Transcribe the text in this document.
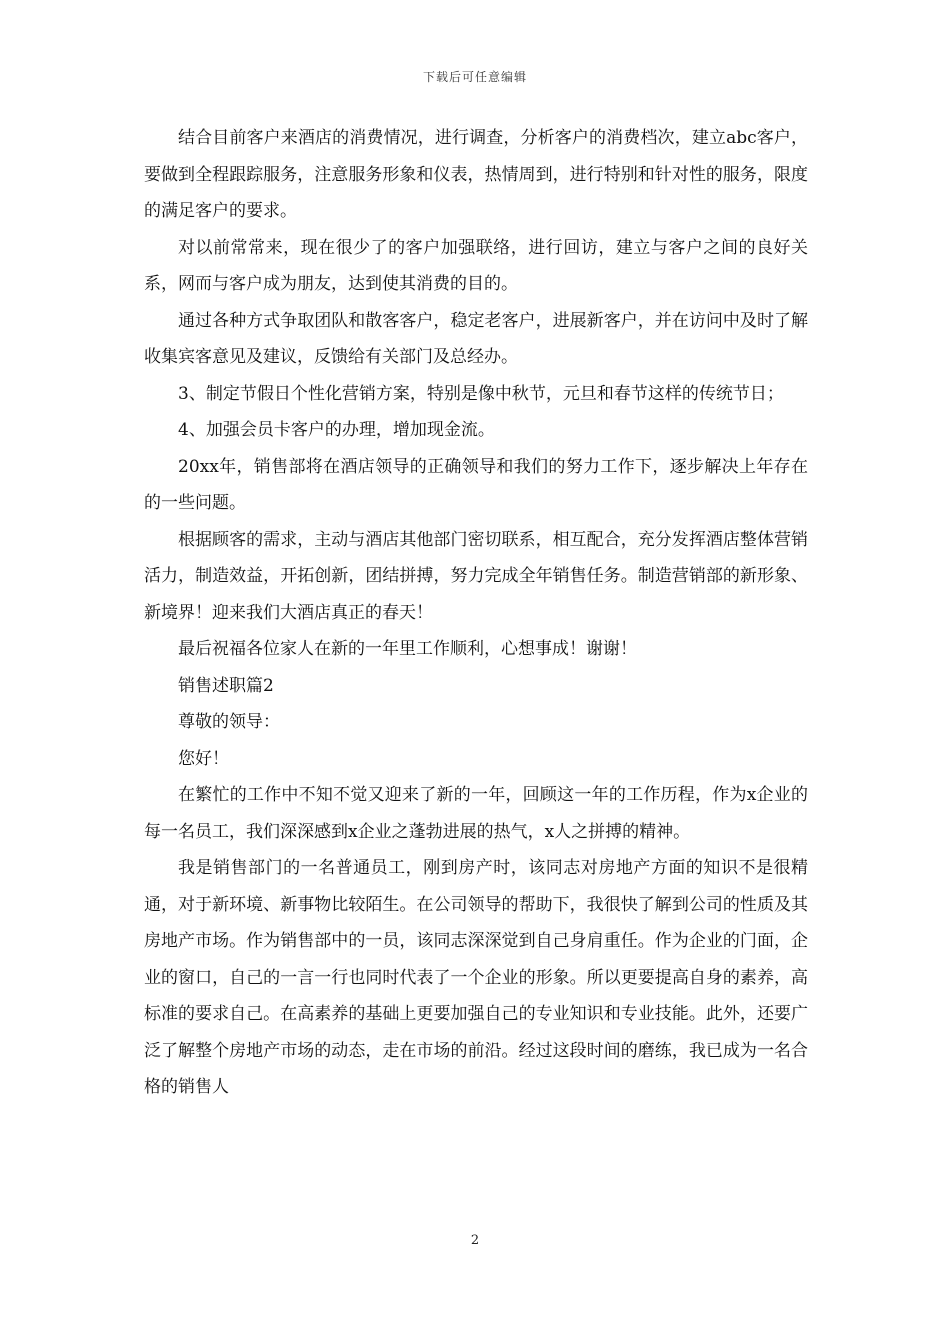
下载后可任意编辑

结合目前客户来酒店的消费情况，进行调查，分析客户的消费档次，建立abc客户，要做到全程跟踪服务，注意服务形象和仪表，热情周到，进行特别和针对性的服务，限度的满足客户的要求。

对以前常常来，现在很少了的客户加强联络，进行回访，建立与客户之间的良好关系，网而与客户成为朋友，达到使其消费的目的。

通过各种方式争取团队和散客客户，稳定老客户，进展新客户，并在访问中及时了解收集宾客意见及建议，反馈给有关部门及总经办。

3、制定节假日个性化营销方案，特别是像中秋节，元旦和春节这样的传统节日；

4、加强会员卡客户的办理，增加现金流。

20xx年，销售部将在酒店领导的正确领导和我们的努力工作下，逐步解决上年存在的一些问题。

根据顾客的需求，主动与酒店其他部门密切联系，相互配合，充分发挥酒店整体营销活力，制造效益，开拓创新，团结拼搏，努力完成全年销售任务。制造营销部的新形象、新境界！迎来我们大酒店真正的春天！

最后祝福各位家人在新的一年里工作顺利，心想事成！谢谢！

销售述职篇2

尊敬的领导：

您好！

在繁忙的工作中不知不觉又迎来了新的一年，回顾这一年的工作历程，作为x企业的每一名员工，我们深深感到x企业之蓬勃进展的热气，x人之拼搏的精神。

我是销售部门的一名普通员工，刚到房产时，该同志对房地产方面的知识不是很精通，对于新环境、新事物比较陌生。在公司领导的帮助下，我很快了解到公司的性质及其房地产市场。作为销售部中的一员，该同志深深觉到自己身肩重任。作为企业的门面，企业的窗口，自己的一言一行也同时代表了一个企业的形象。所以更要提高自身的素养，高标准的要求自己。在高素养的基础上更要加强自己的专业知识和专业技能。此外，还要广泛了解整个房地产市场的动态，走在市场的前沿。经过这段时间的磨练，我已成为一名合格的销售人

2
